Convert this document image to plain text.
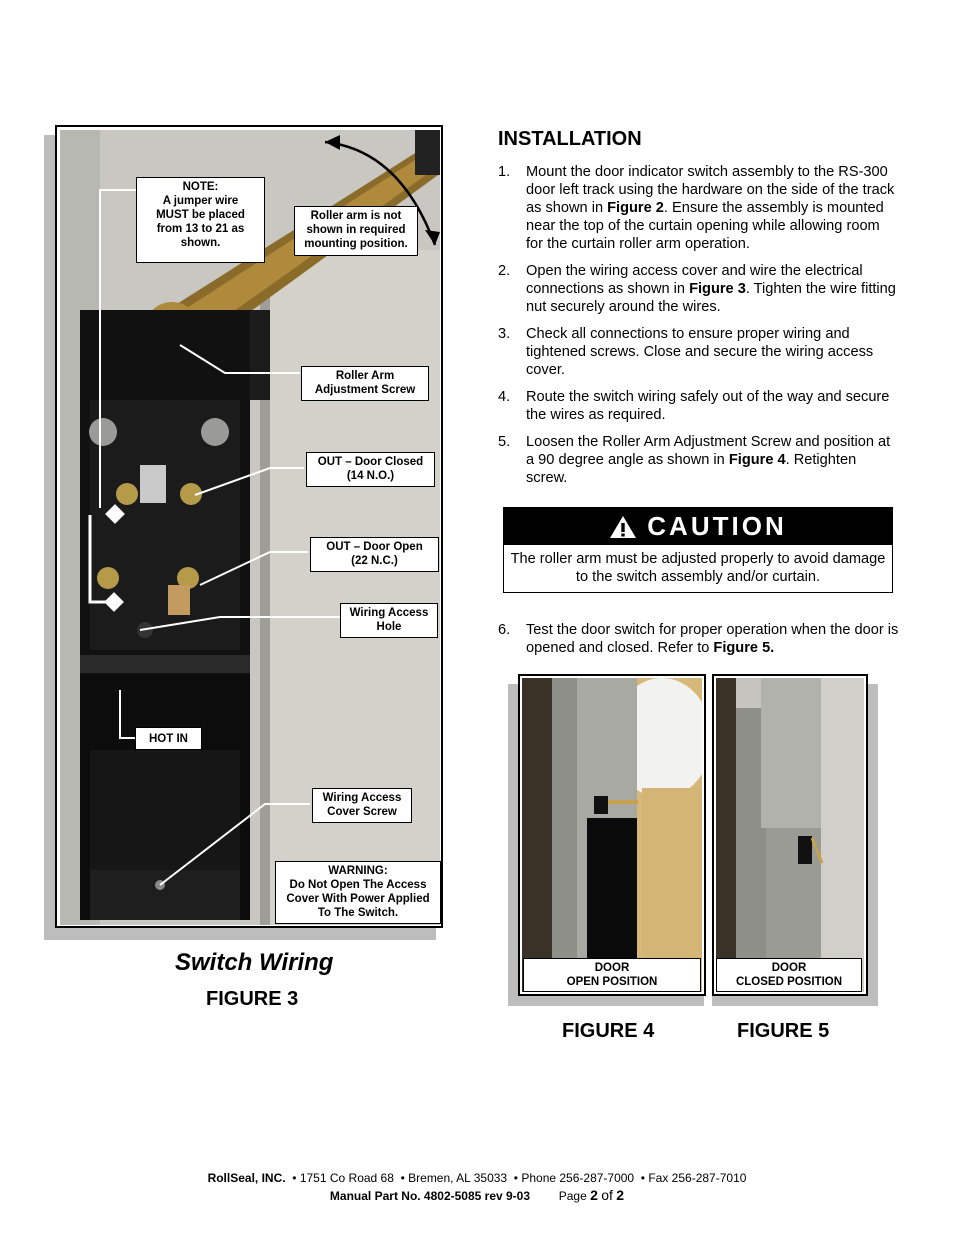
NOTE:
A jumper wire
MUST be placed
from 13 to 21 as
shown.
Roller arm is not
shown in required
mounting position.
Roller Arm
Adjustment Screw
OUT – Door Closed
(14 N.O.)
OUT – Door Open
(22 N.C.)
Wiring Access
Hole
HOT IN
Wiring Access
Cover Screw
WARNING:
Do Not Open The Access
Cover With Power Applied
To The Switch.
Switch Wiring
FIGURE 3
INSTALLATION
1. Mount the door indicator switch assembly to the RS-300 door left track using the hardware on the side of the track as shown in Figure 2. Ensure the assembly is mounted near the top of the curtain opening while allowing room for the curtain roller arm operation.
2. Open the wiring access cover and wire the electrical connections as shown in Figure 3. Tighten the wire fitting nut securely around the wires.
3. Check all connections to ensure proper wiring and tightened screws. Close and secure the wiring access cover.
4. Route the switch wiring safely out of the way and secure the wires as required.
5. Loosen the Roller Arm Adjustment Screw and position at a 90 degree angle as shown in Figure 4. Retighten screw.
CAUTION
The roller arm must be adjusted properly to avoid damage to the switch assembly and/or curtain.
6. Test the door switch for proper operation when the door is opened and closed. Refer to Figure 5.
DOOR
OPEN POSITION
FIGURE 4
DOOR
CLOSED POSITION
FIGURE 5
RollSeal, INC.  • 1751 Co Road 68  • Bremen, AL 35033  • Phone 256-287-7000  • Fax 256-287-7010
Manual Part No. 4802-5085 rev 9-03 Page 2 of 2
